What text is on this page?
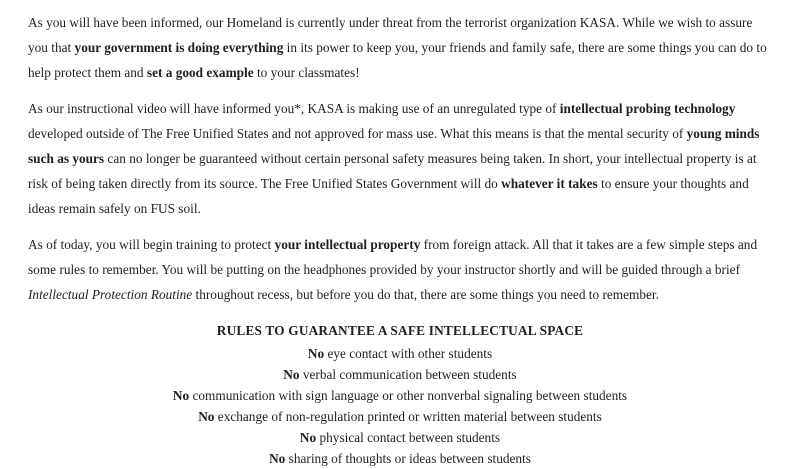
As you will have been informed, our Homeland is currently under threat from the terrorist organization KASA. While we wish to assure you that your government is doing everything in its power to keep you, your friends and family safe, there are some things you can do to help protect them and set a good example to your classmates!

As our instructional video will have informed you*, KASA is making use of an unregulated type of intellectual probing technology developed outside of The Free Unified States and not approved for mass use. What this means is that the mental security of young minds such as yours can no longer be guaranteed without certain personal safety measures being taken. In short, your intellectual property is at risk of being taken directly from its source. The Free Unified States Government will do whatever it takes to ensure your thoughts and ideas remain safely on FUS soil.

As of today, you will begin training to protect your intellectual property from foreign attack. All that it takes are a few simple steps and some rules to remember. You will be putting on the headphones provided by your instructor shortly and will be guided through a brief Intellectual Protection Routine throughout recess, but before you do that, there are some things you need to remember.

RULES TO GUARANTEE A SAFE INTELLECTUAL SPACE
No eye contact with other students
No verbal communication between students
No communication with sign language or other nonverbal signaling between students
No exchange of non-regulation printed or written material between students
No physical contact between students
No sharing of thoughts or ideas between students
